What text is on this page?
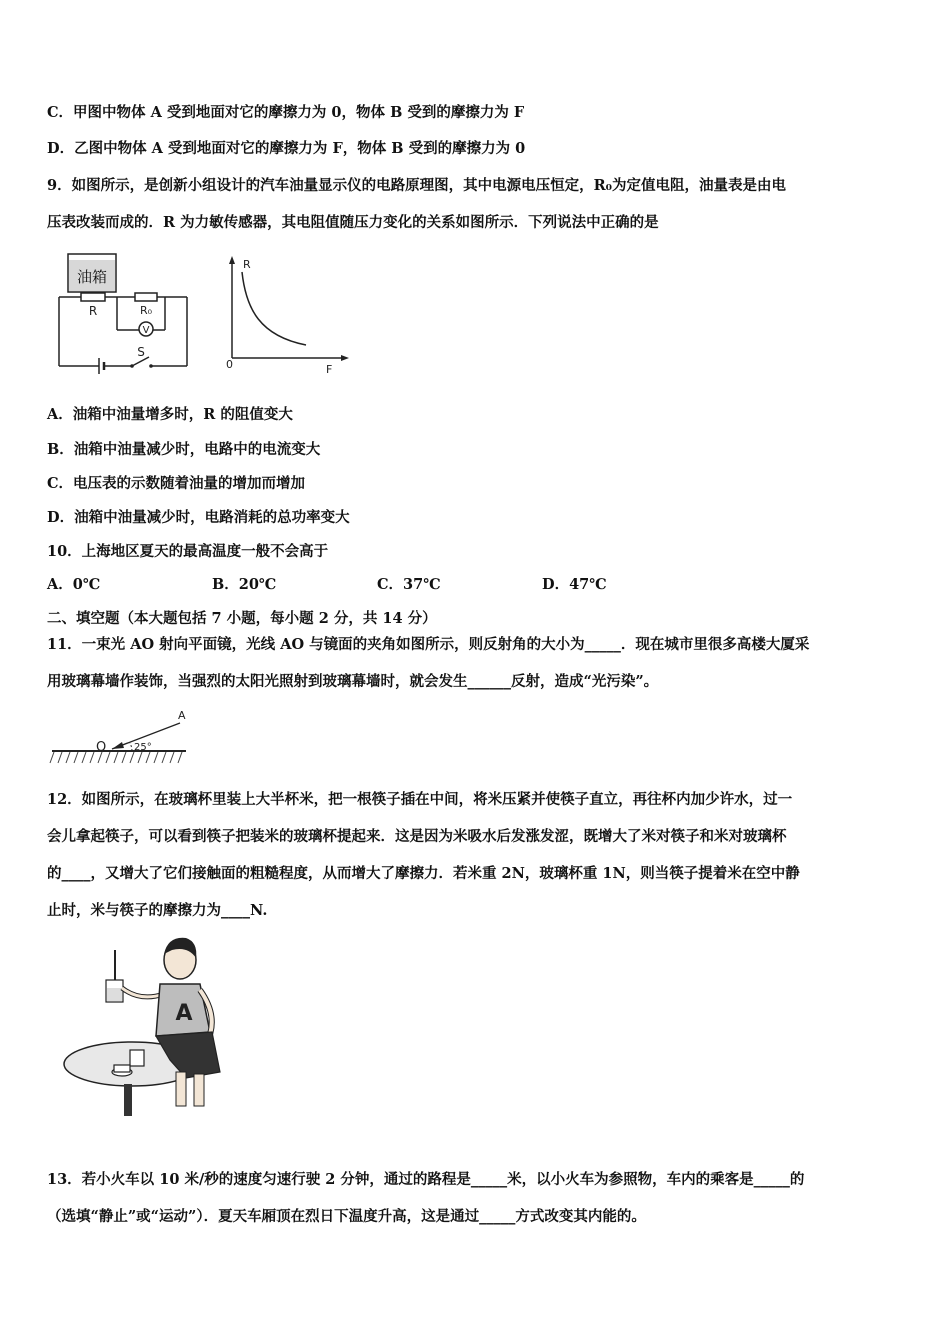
C．甲图中物体 A 受到地面对它的摩擦力为 0，物体 B 受到的摩擦力为 F
D．乙图中物体 A 受到地面对它的摩擦力为 F，物体 B 受到的摩擦力为 0
9．如图所示，是创新小组设计的汽车油量显示仪的电路原理图，其中电源电压恒定，R₀为定值电阻，油量表是由电
压表改装而成的．R 为力敏传感器，其电阻值随压力变化的关系如图所示．下列说法中正确的是
油箱
R	R₀
V
S
R
F
0
A．油箱中油量增多时，R 的阻值变大
B．油箱中油量减少时，电路中的电流变大
C．电压表的示数随着油量的增加而增加
D．油箱中油量减少时，电路消耗的总功率变大
10．上海地区夏天的最高温度一般不会高于
A．0℃	B．20℃	C．37℃	D．47℃
二、填空题（本大题包括 7 小题，每小题 2 分，共 14 分）
11．一束光 AO 射向平面镜，光线 AO 与镜面的夹角如图所示，则反射角的大小为_____．现在城市里很多高楼大厦采
用玻璃幕墙作装饰，当强烈的太阳光照射到玻璃幕墙时，就会发生______反射，造成“光污染”。
A
O	25°
12．如图所示，在玻璃杯里装上大半杯米，把一根筷子插在中间，将米压紧并使筷子直立，再往杯内加少许水，过一
会儿拿起筷子，可以看到筷子把装米的玻璃杯提起来．这是因为米吸水后发涨发涩，既增大了米对筷子和米对玻璃杯
的____，又增大了它们接触面的粗糙程度，从而增大了摩擦力．若米重 2N，玻璃杯重 1N，则当筷子提着米在空中静
止时，米与筷子的摩擦力为____N.
A
13．若小火车以 10 米/秒的速度匀速行驶 2 分钟，通过的路程是_____米，以小火车为参照物，车内的乘客是_____的
（选填“静止”或“运动”）．夏天车厢顶在烈日下温度升高，这是通过_____方式改变其内能的。
